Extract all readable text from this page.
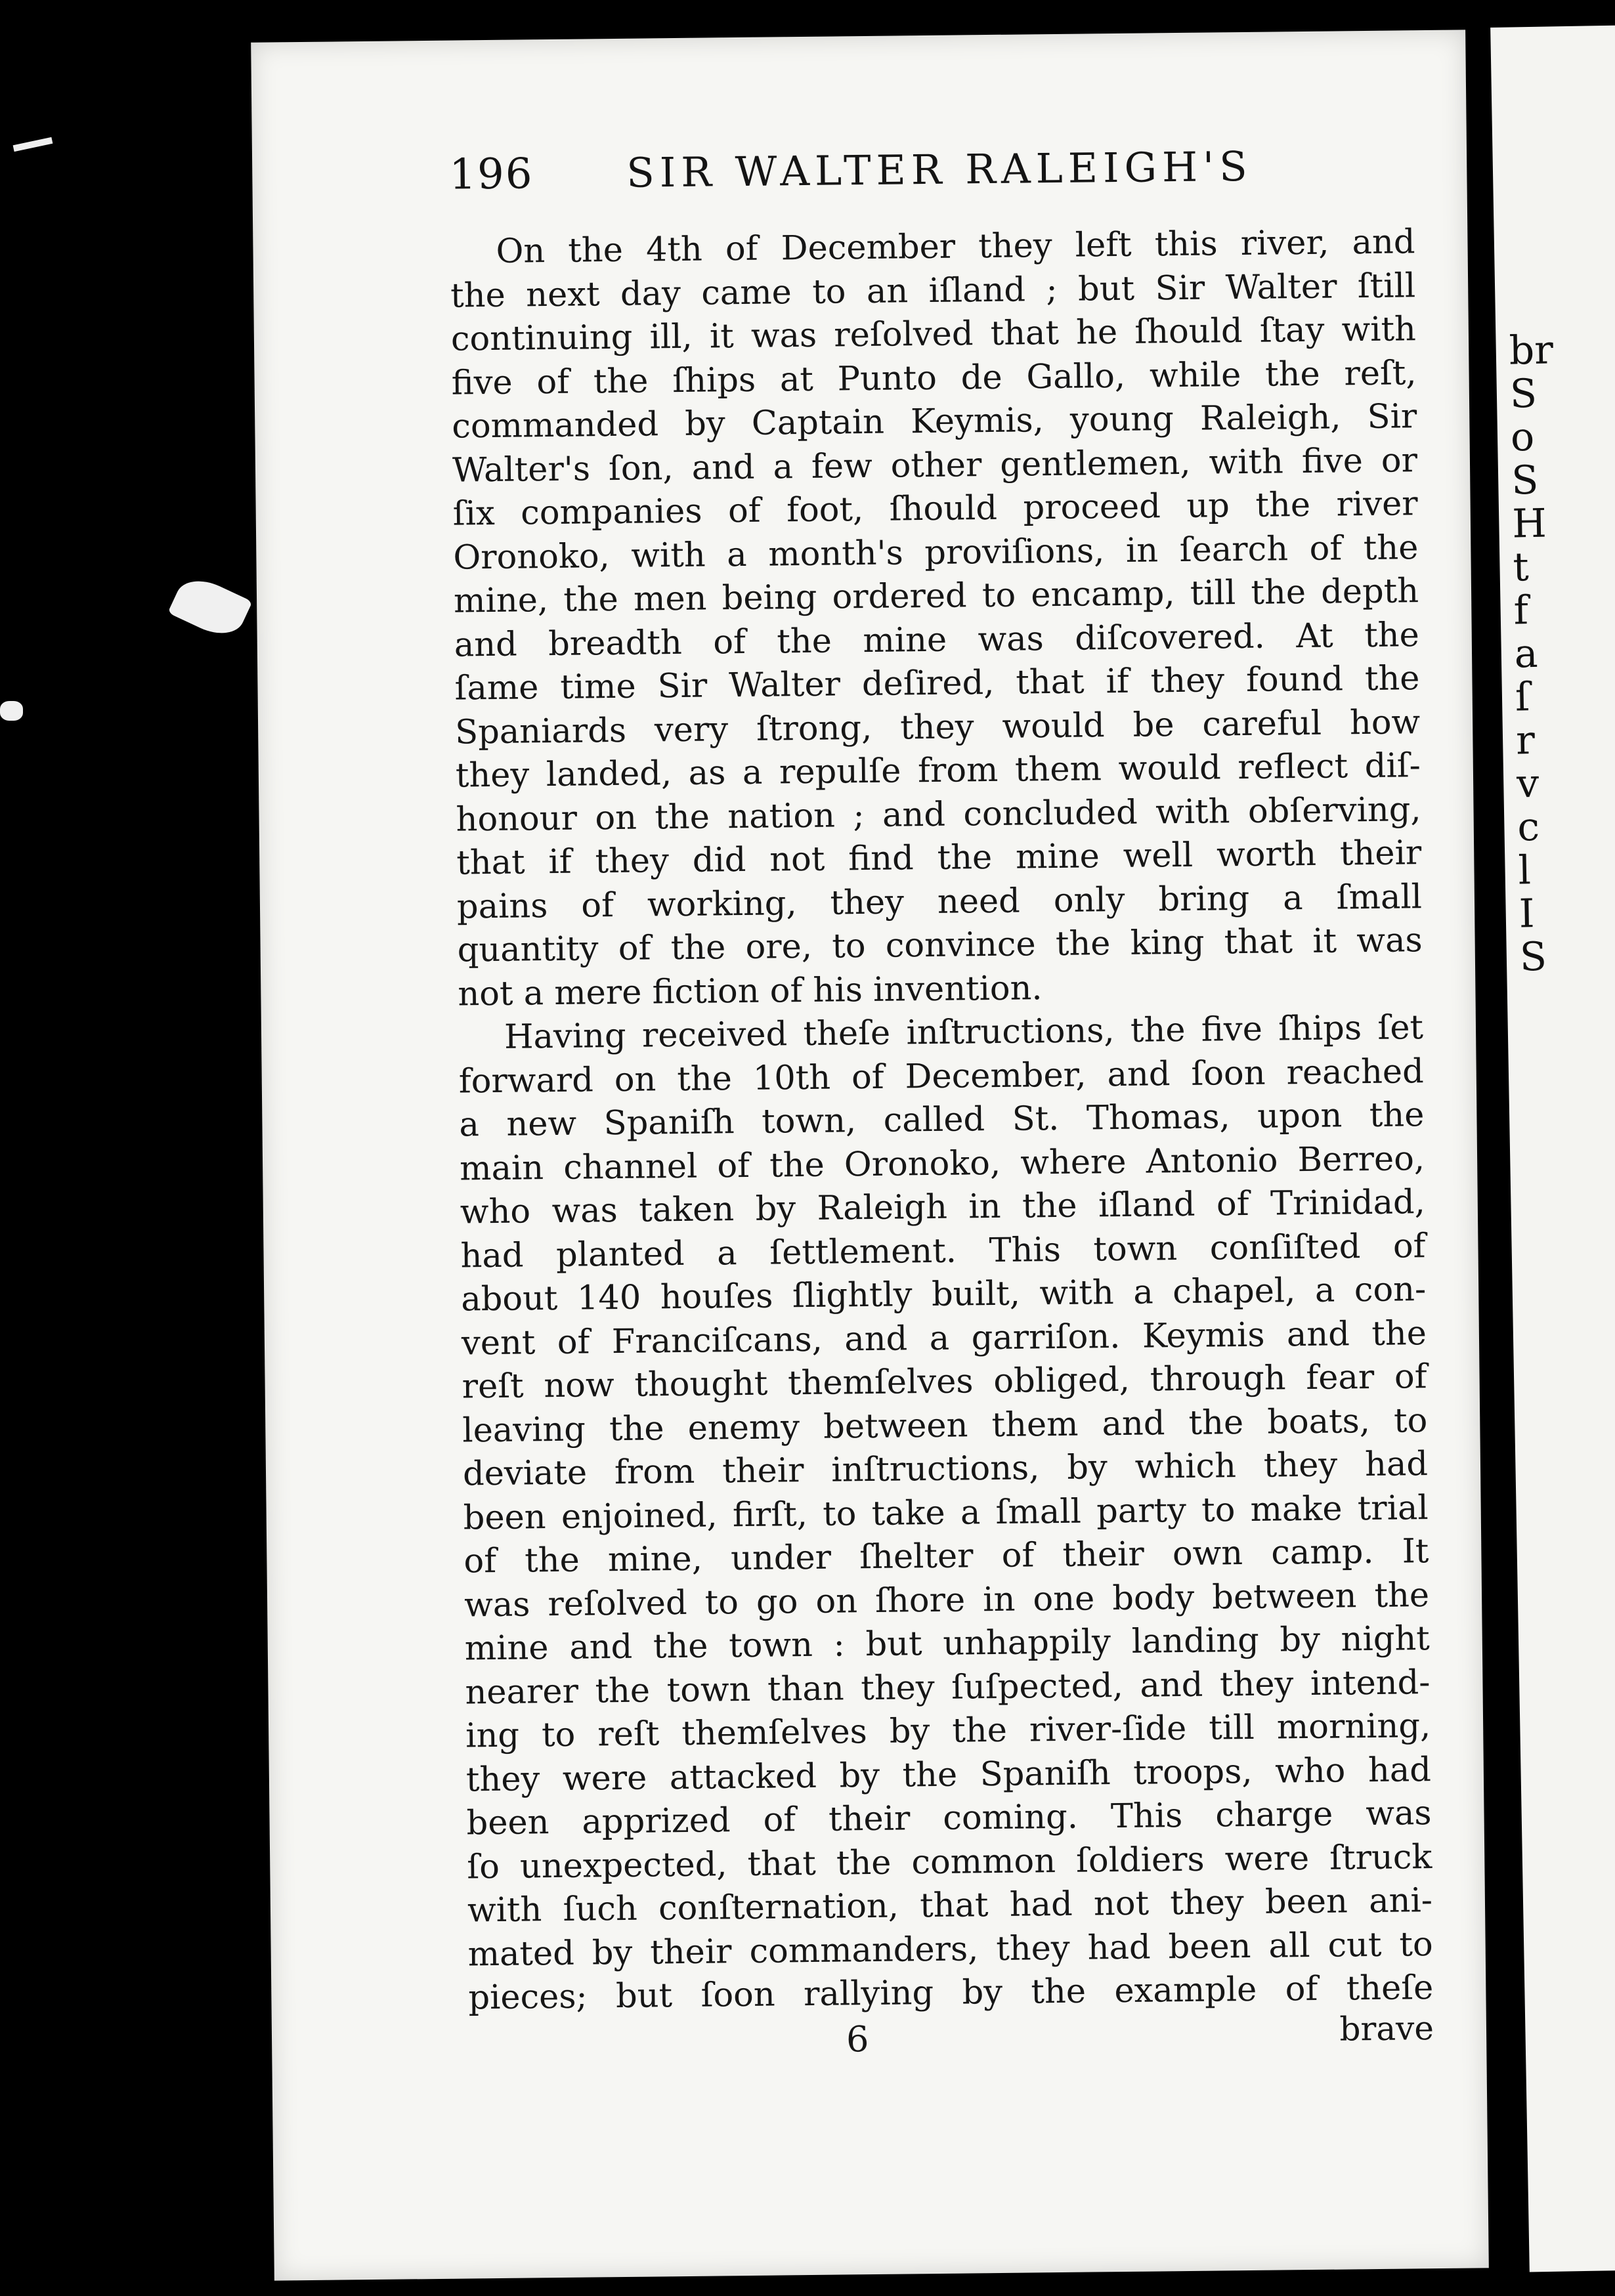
br
S
o
S
H
t
f
a
ſ
r
v
c
l
I
S
196 SIR WALTER RALEIGH'S
On the 4th of December they left this river, and
the next day came to an iſland ; but Sir Walter ſtill
continuing ill, it was reſolved that he ſhould ſtay with
five of the ſhips at Punto de Gallo, while the reſt,
commanded by Captain Keymis, young Raleigh, Sir
Walter's ſon, and a few other gentlemen, with five or
ſix companies of foot, ſhould proceed up the river
Oronoko, with a month's proviſions, in ſearch of the
mine, the men being ordered to encamp, till the depth
and breadth of the mine was diſcovered. At the
ſame time Sir Walter deſired, that if they found the
Spaniards very ſtrong, they would be careful how
they landed, as a repulſe from them would reflect diſ-
honour on the nation ; and concluded with obſerving,
that if they did not find the mine well worth their
pains of working, they need only bring a ſmall
quantity of the ore, to convince the king that it was
not a mere fiction of his invention.
Having received theſe inſtructions, the five ſhips ſet
forward on the 10th of December, and ſoon reached
a new Spaniſh town, called St. Thomas, upon the
main channel of the Oronoko, where Antonio Berreo,
who was taken by Raleigh in the iſland of Trinidad,
had planted a ſettlement. This town conſiſted of
about 140 houſes ſlightly built, with a chapel, a con-
vent of Franciſcans, and a garriſon. Keymis and the
reſt now thought themſelves obliged, through fear of
leaving the enemy between them and the boats, to
deviate from their inſtructions, by which they had
been enjoined, firſt, to take a ſmall party to make trial
of the mine, under ſhelter of their own camp. It
was reſolved to go on ſhore in one body between the
mine and the town : but unhappily landing by night
nearer the town than they ſuſpected, and they intend-
ing to reſt themſelves by the river-ſide till morning,
they were attacked by the Spaniſh troops, who had
been apprized of their coming. This charge was
ſo unexpected, that the common ſoldiers were ſtruck
with ſuch conſternation, that had not they been ani-
mated by their commanders, they had been all cut to
pieces; but ſoon rallying by the example of theſe
6	brave
